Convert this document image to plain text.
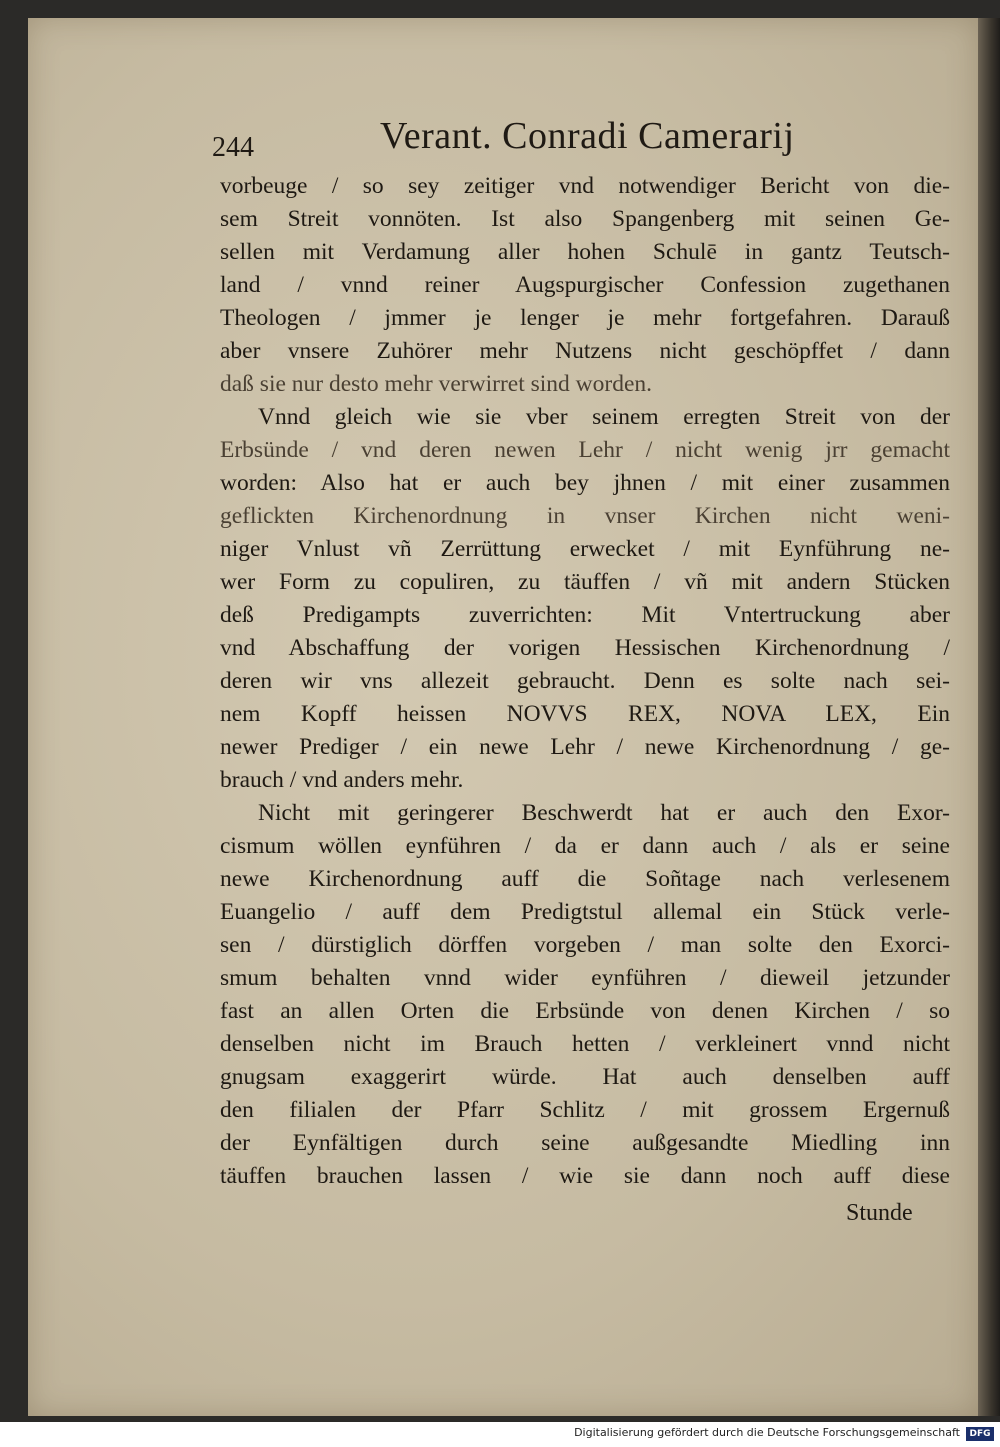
244	Verant. Conradi Camerarij
vorbeuge / so sey zeitiger vnd notwendiger Bericht von die-
sem Streit vonnöten. Ist also Spangenberg mit seinen Ge-
sellen mit Verdamung aller hohen Schulē in gantz Teutsch-
land / vnnd reiner Augspurgischer Confession zugethanen
Theologen / jmmer je lenger je mehr fortgefahren. Darauß
aber vnsere Zuhörer mehr Nutzens nicht geschöpffet / dann
daß sie nur desto mehr verwirret sind worden.
Vnnd gleich wie sie vber seinem erregten Streit von der
Erbsünde / vnd deren newen Lehr / nicht wenig jrr gemacht
worden: Also hat er auch bey jhnen / mit einer zusammen
geflickten Kirchenordnung in vnser Kirchen nicht weni-
niger Vnlust vñ Zerrüttung erwecket / mit Eynführung ne-
wer Form zu copuliren, zu täuffen / vñ mit andern Stücken
deß Predigampts zuverrichten: Mit Vntertruckung aber
vnd Abschaffung der vorigen Hessischen Kirchenordnung /
deren wir vns allezeit gebraucht. Denn es solte nach sei-
nem Kopff heissen NOVVS REX, NOVA LEX, Ein
newer Prediger / ein newe Lehr / newe Kirchenordnung / ge-
brauch / vnd anders mehr.
Nicht mit geringerer Beschwerdt hat er auch den Exor-
cismum wöllen eynführen / da er dann auch / als er seine
newe Kirchenordnung auff die Soñtage nach verlesenem
Euangelio / auff dem Predigtstul allemal ein Stück verle-
sen / dürstiglich dörffen vorgeben / man solte den Exorci-
smum behalten vnnd wider eynführen / dieweil jetzunder
fast an allen Orten die Erbsünde von denen Kirchen / so
denselben nicht im Brauch hetten / verkleinert vnnd nicht
gnugsam exaggerirt würde. Hat auch denselben auff
den filialen der Pfarr Schlitz / mit grossem Ergernuß
der Eynfältigen durch seine außgesandte Miedling inn
täuffen brauchen lassen / wie sie dann noch auff diese
Stunde
Digitalisierung gefördert durch die Deutsche Forschungsgemeinschaft	DFG
